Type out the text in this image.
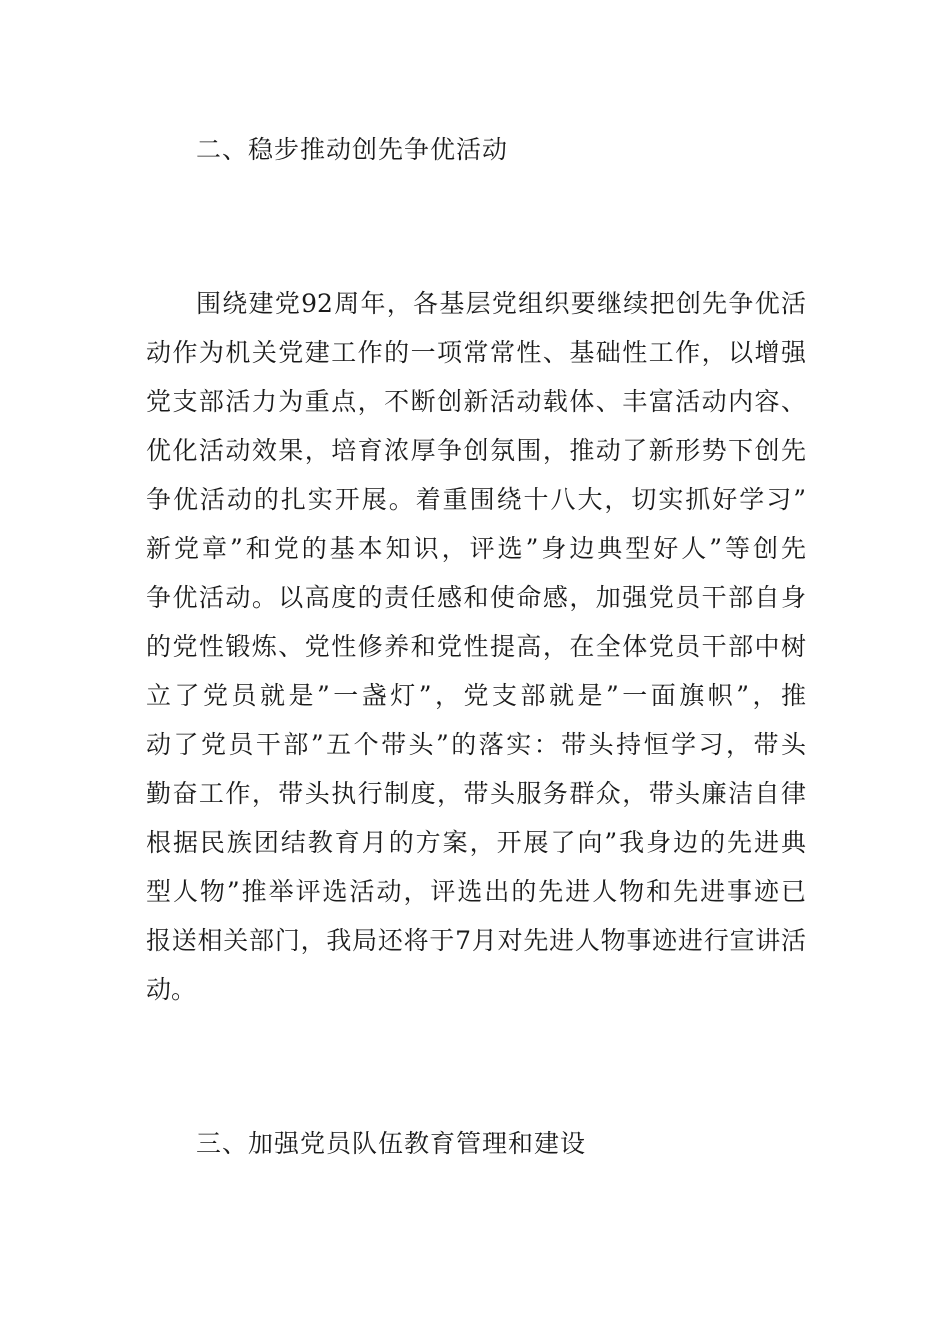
二、稳步推动创先争优活动
围绕建党92周年，各基层党组织要继续把创先争优活
动作为机关党建工作的一项常常性、基础性工作，以增强
党支部活力为重点，不断创新活动载体、丰富活动内容、
优化活动效果，培育浓厚争创氛围，推动了新形势下创先
争优活动的扎实开展。着重围绕十八大，切实抓好学习”
新党章”和党的基本知识，评选”身边典型好人”等创先
争优活动。以高度的责任感和使命感，加强党员干部自身
的党性锻炼、党性修养和党性提高，在全体党员干部中树
立了党员就是”一盏灯”，党支部就是”一面旗帜”，推
动了党员干部”五个带头”的落实：带头持恒学习，带头
勤奋工作，带头执行制度，带头服务群众，带头廉洁自律
根据民族团结教育月的方案，开展了向”我身边的先进典
型人物”推举评选活动，评选出的先进人物和先进事迹已
报送相关部门，我局还将于7月对先进人物事迹进行宣讲活
动。
三、加强党员队伍教育管理和建设
